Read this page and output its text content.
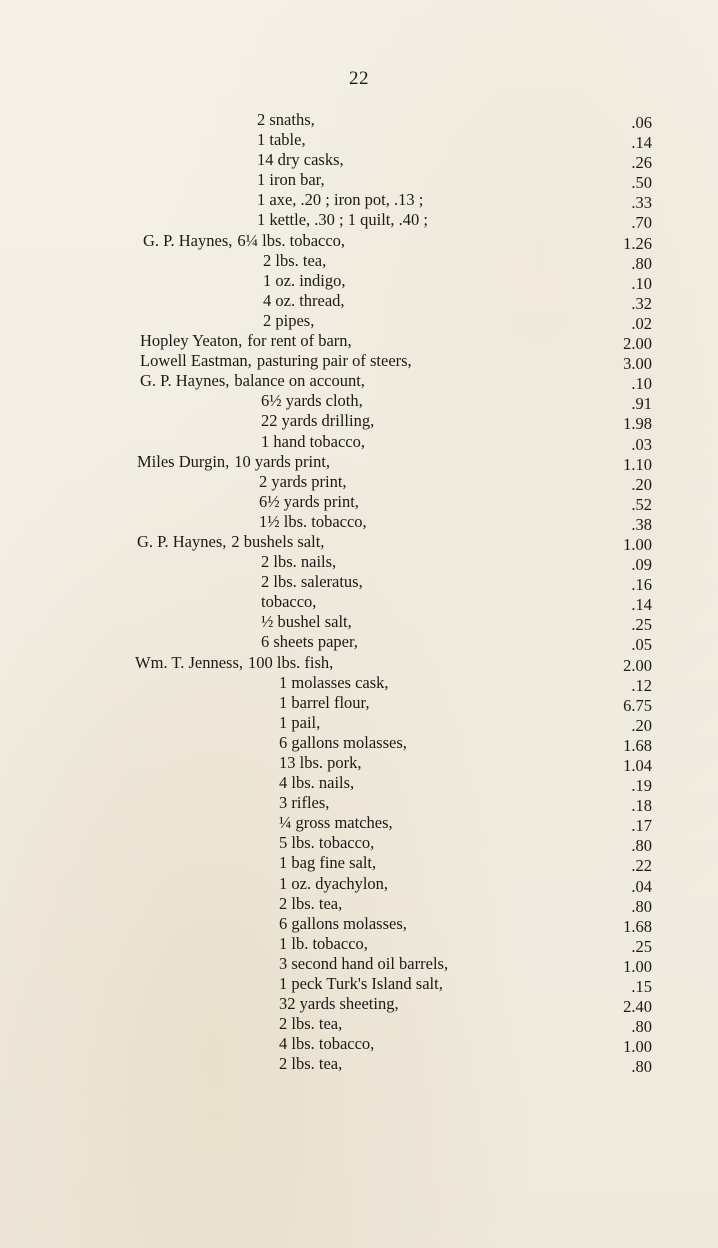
22
2 snaths,	.06
1 table,	.14
14 dry casks,	.26
1 iron bar,	.50
1 axe, .20 ; iron pot, .13 ;	.33
1 kettle, .30 ; 1 quilt, .40 ;	.70
G. P. Haynes, 6¼ lbs. tobacco,	1.26
2 lbs. tea,	.80
1 oz. indigo,	.10
4 oz. thread,	.32
2 pipes,	.02
Hopley Yeaton, for rent of barn,	2.00
Lowell Eastman, pasturing pair of steers,	3.00
G. P. Haynes, balance on account,	.10
6½ yards cloth,	.91
22 yards drilling,	1.98
1 hand tobacco,	.03
Miles Durgin, 10 yards print,	1.10
2 yards print,	.20
6½ yards print,	.52
1½ lbs. tobacco,	.38
G. P. Haynes, 2 bushels salt,	1.00
2 lbs. nails,	.09
2 lbs. saleratus,	.16
tobacco,	.14
½ bushel salt,	.25
6 sheets paper,	.05
Wm. T. Jenness, 100 lbs. fish,	2.00
1 molasses cask,	.12
1 barrel flour,	6.75
1 pail,	.20
6 gallons molasses,	1.68
13 lbs. pork,	1.04
4 lbs. nails,	.19
3 rifles,	.18
¼ gross matches,	.17
5 lbs. tobacco,	.80
1 bag fine salt,	.22
1 oz. dyachylon,	.04
2 lbs. tea,	.80
6 gallons molasses,	1.68
1 lb. tobacco,	.25
3 second hand oil barrels,	1.00
1 peck Turk's Island salt,	.15
32 yards sheeting,	2.40
2 lbs. tea,	.80
4 lbs. tobacco,	1.00
2 lbs. tea,	.80
